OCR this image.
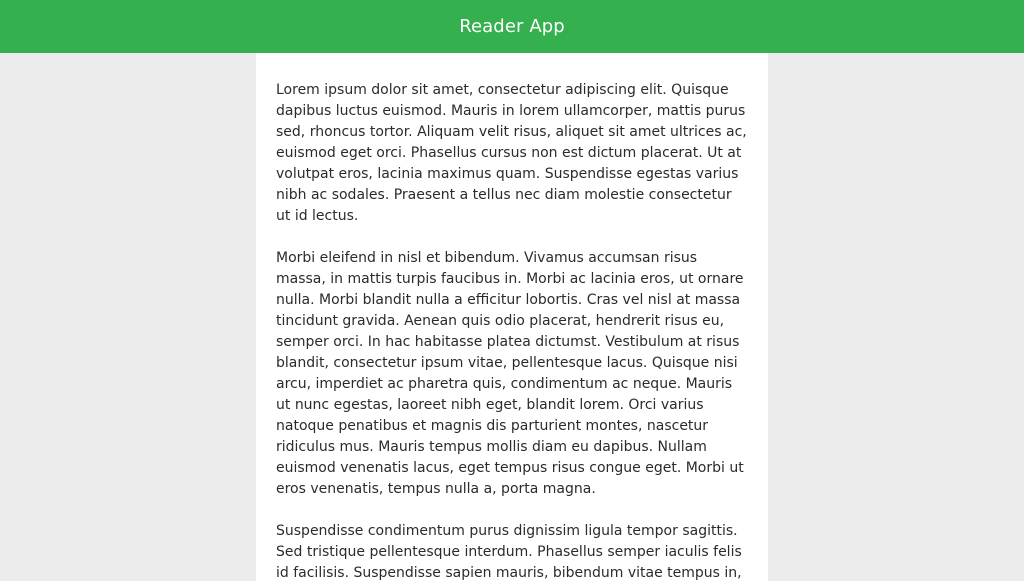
Reader App

Lorem ipsum dolor sit amet, consectetur adipiscing elit. Quisque dapibus luctus euismod. Mauris in lorem ullamcorper, mattis purus sed, rhoncus tortor. Aliquam velit risus, aliquet sit amet ultrices ac, euismod eget orci. Phasellus cursus non est dictum placerat. Ut at volutpat eros, lacinia maximus quam. Suspendisse egestas varius nibh ac sodales. Praesent a tellus nec diam molestie consectetur ut id lectus.

Morbi eleifend in nisl et bibendum. Vivamus accumsan risus massa, in mattis turpis faucibus in. Morbi ac lacinia eros, ut ornare nulla. Morbi blandit nulla a efficitur lobortis. Cras vel nisl at massa tincidunt gravida. Aenean quis odio placerat, hendrerit risus eu, semper orci. In hac habitasse platea dictumst. Vestibulum at risus blandit, consectetur ipsum vitae, pellentesque lacus. Quisque nisi arcu, imperdiet ac pharetra quis, condimentum ac neque. Mauris ut nunc egestas, laoreet nibh eget, blandit lorem. Orci varius natoque penatibus et magnis dis parturient montes, nascetur ridiculus mus. Mauris tempus mollis diam eu dapibus. Nullam euismod venenatis lacus, eget tempus risus congue eget. Morbi ut eros venenatis, tempus nulla a, porta magna.

Suspendisse condimentum purus dignissim ligula tempor sagittis. Sed tristique pellentesque interdum. Phasellus semper iaculis felis id facilisis. Suspendisse sapien mauris, bibendum vitae tempus in,
